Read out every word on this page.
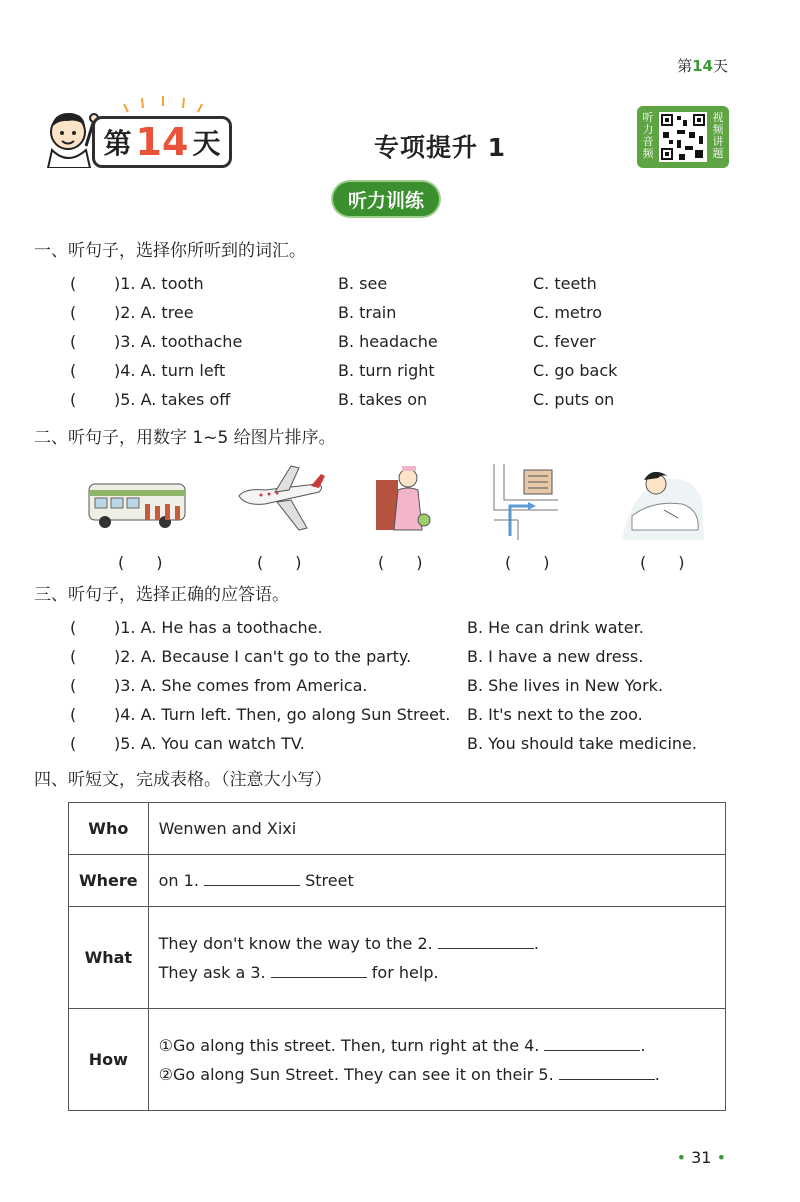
第14天
第 14 天	专项提升 1
听力音频
视频讲题
听力训练
一、听句子，选择你所听到的词汇。
( )1. A. tooth	B. see	C. teeth
( )2. A. tree	B. train	C. metro
( )3. A. toothache	B. headache	C. fever
( )4. A. turn left	B. turn right	C. go back
( )5. A. takes off	B. takes on	C. puts on
二、听句子，用数字 1~5 给图片排序。
(　　)	(　　)	(　　)	(　　)	(　　)
三、听句子，选择正确的应答语。
( )1. A. He has a toothache.	B. He can drink water.
( )2. A. Because I can't go to the party.	B. I have a new dress.
( )3. A. She comes from America.	B. She lives in New York.
( )4. A. Turn left. Then, go along Sun Street. B. It's next to the zoo.
( )5. A. You can watch TV.	B. You should take medicine.
四、听短文，完成表格。（注意大小写）
Who	Wenwen and Xixi
Where	on 1. Street
What	They don't know the way to the 2. .
They ask a 3. for help.

How	①Go along this street. Then, turn right at the 4. .
②Go along Sun Street. They can see it on their 5. .
• 31 •
